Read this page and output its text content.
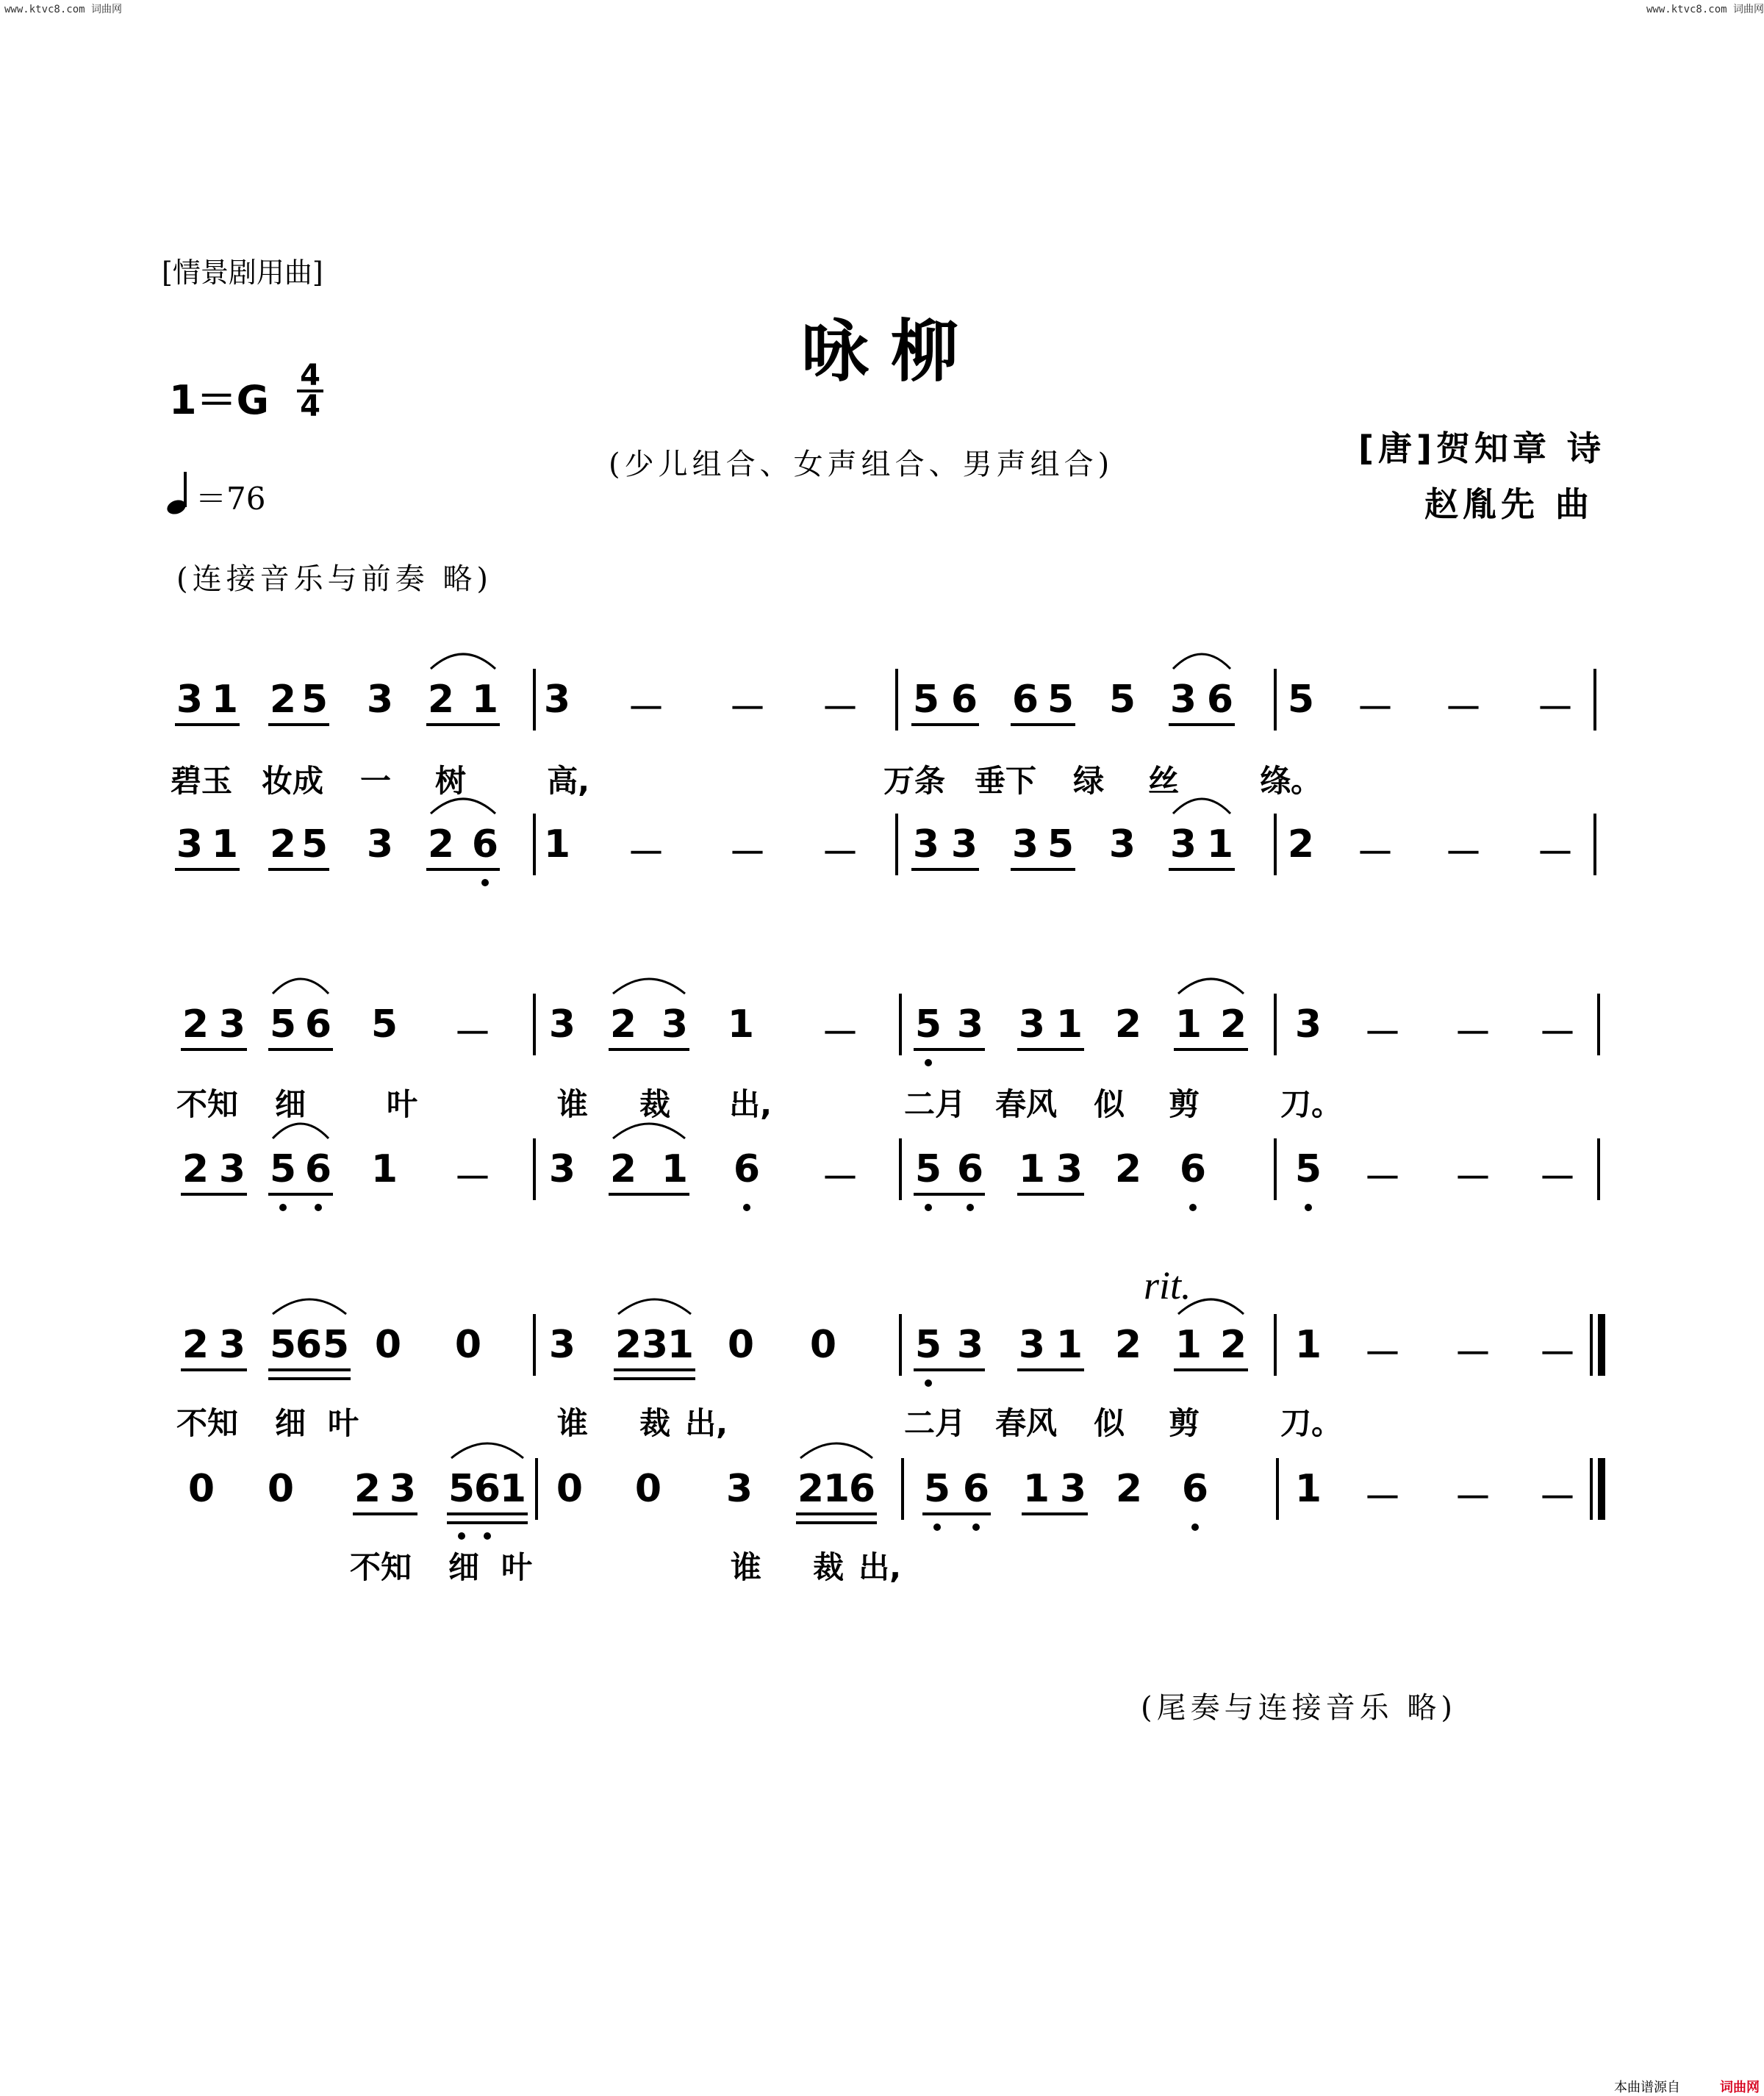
www.ktvc8.com 词曲网	www.ktvc8.com 词曲网
[情景剧用曲]
咏柳
1＝G
4
4
＝76
(少儿组合、女声组合、男声组合)	[唐]贺知章 诗
赵胤先 曲
(连接音乐与前奏 略)
3 1 2 5 3 2 1 3 － － － 5 6 6 5 5 3 6 5 － － －
3 1 2 5 3 2 6 1 － － － 3 3 3 5 3 3 1 2 － － －
2 3 5 6 5 － 3 2 3 1 － 5 3 3 1 2 1 2 3 － － －
2 3 5 6 1 － 3 2 1 6 － 5 6 1 3 2 6 5 － － －
2 3 5
6 5 0 0 3 2 3
1 0 0 5 3 3 1 2 1 2 1 － － －
0 0 2 3 5
6
1 0 0 3 2
1
6 5 6 1 3 2 6 1 － － －
rit.
碧玉 妆成 一 树	高,	万条 垂下 绿 丝	绦。
不知 细	叶	谁 裁 出,	二月 春风 似 剪	刀。
不知 细 叶	谁 裁 出,	二月 春风 似 剪	刀。
不知 细 叶	谁 裁 出,
(尾奏与连接音乐 略)
本曲谱源自	词曲网
